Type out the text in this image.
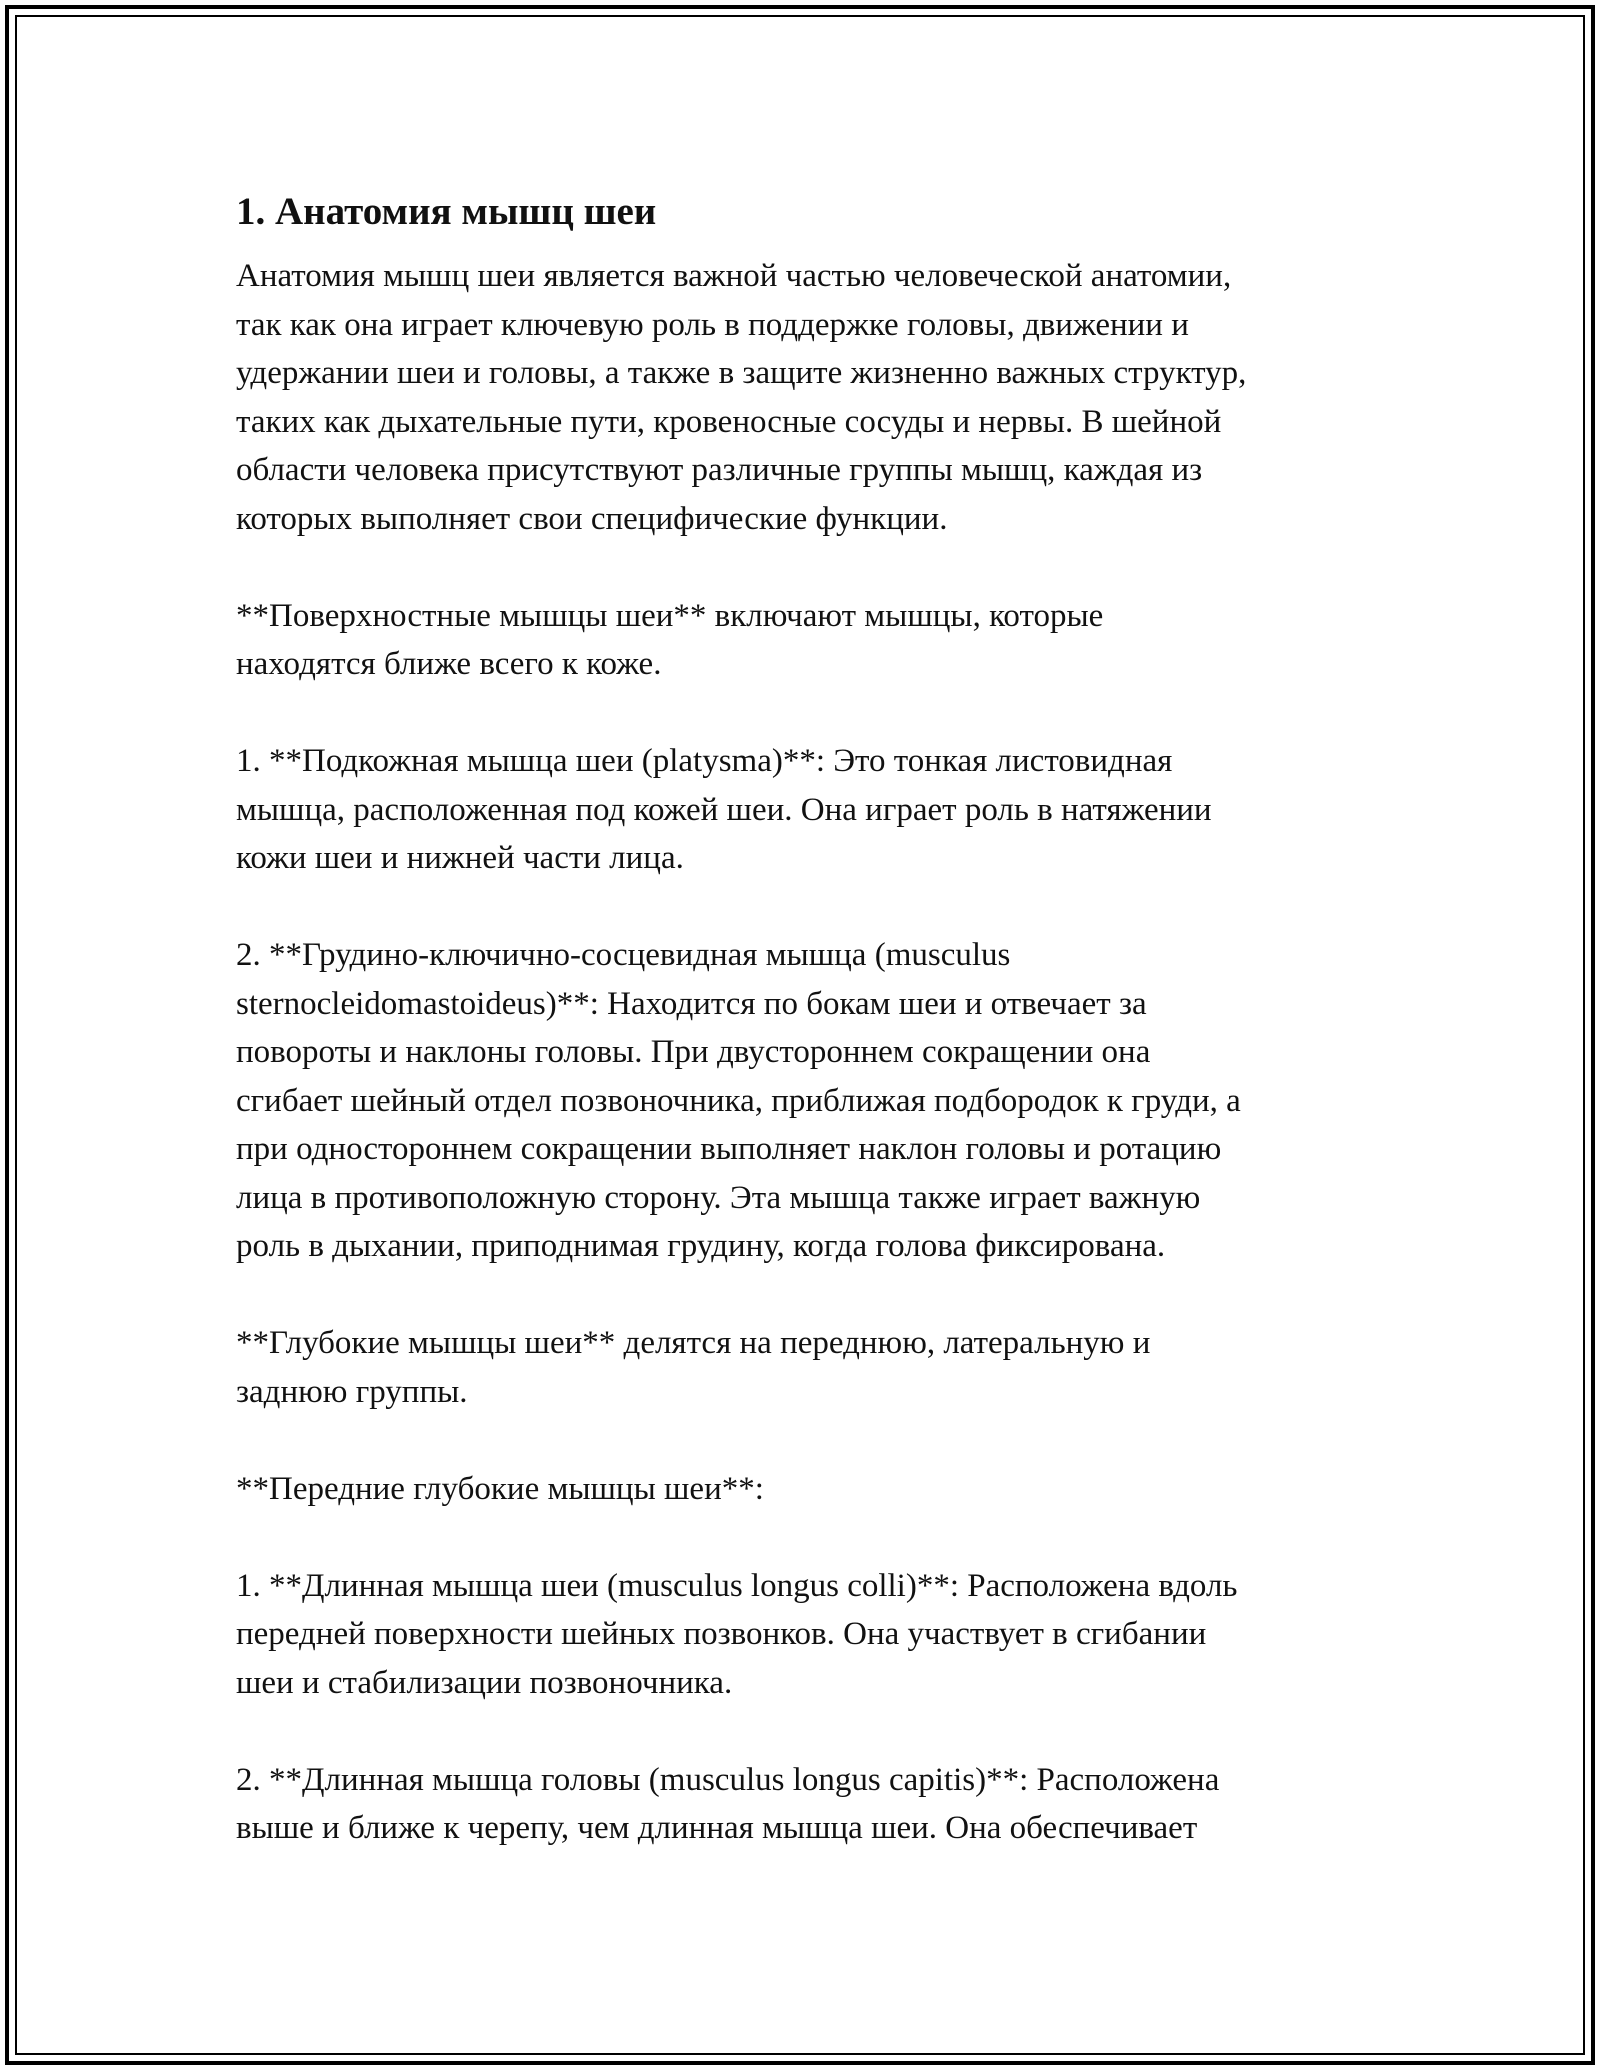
1. Анатомия мышц шеи

Анатомия мышц шеи является важной частью человеческой анатомии,
так как она играет ключевую роль в поддержке головы, движении и
удержании шеи и головы, а также в защите жизненно важных структур,
таких как дыхательные пути, кровеносные сосуды и нервы. В шейной
области человека присутствуют различные группы мышц, каждая из
которых выполняет свои специфические функции.

**Поверхностные мышцы шеи** включают мышцы, которые
находятся ближе всего к коже.

1. **Подкожная мышца шеи (platysma)**: Это тонкая листовидная
мышца, расположенная под кожей шеи. Она играет роль в натяжении
кожи шеи и нижней части лица.

2. **Грудино-ключично-сосцевидная мышца (musculus
sternocleidomastoideus)**: Находится по бокам шеи и отвечает за
повороты и наклоны головы. При двустороннем сокращении она
сгибает шейный отдел позвоночника, приближая подбородок к груди, а
при одностороннем сокращении выполняет наклон головы и ротацию
лица в противоположную сторону. Эта мышца также играет важную
роль в дыхании, приподнимая грудину, когда голова фиксирована.

**Глубокие мышцы шеи** делятся на переднюю, латеральную и
заднюю группы.

**Передние глубокие мышцы шеи**:

1. **Длинная мышца шеи (musculus longus colli)**: Расположена вдоль
передней поверхности шейных позвонков. Она участвует в сгибании
шеи и стабилизации позвоночника.

2. **Длинная мышца головы (musculus longus capitis)**: Расположена
выше и ближе к черепу, чем длинная мышца шеи. Она обеспечивает
